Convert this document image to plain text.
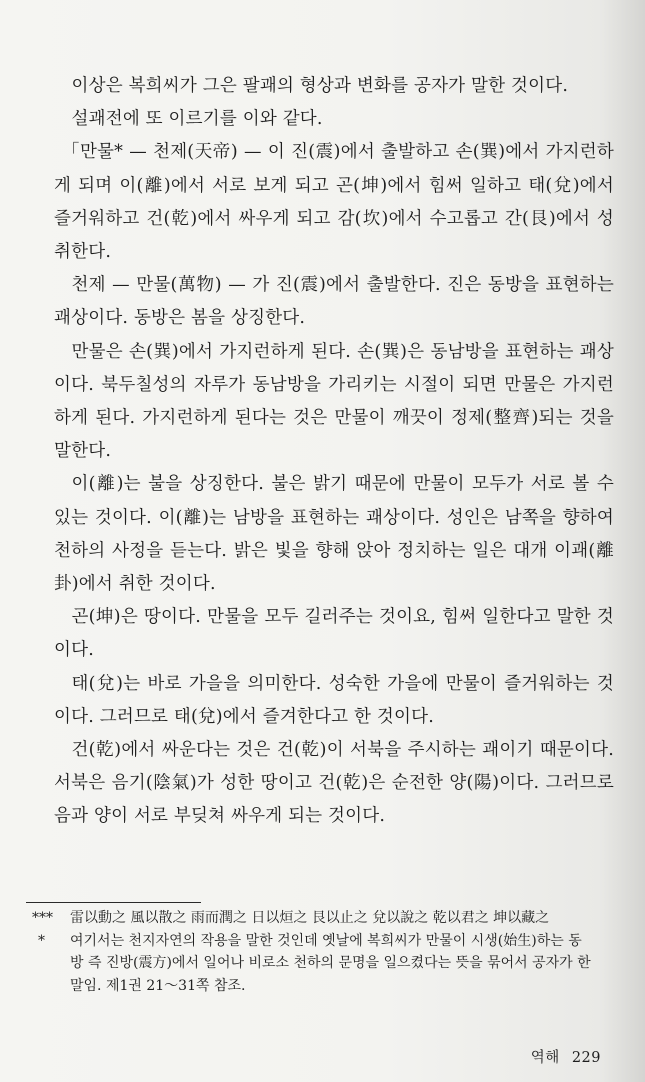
이상은 복희씨가 그은 팔괘의 형상과 변화를 공자가 말한 것이다.

설괘전에 또 이르기를 이와 같다.

「만물* — 천제(天帝) — 이 진(震)에서 출발하고 손(巽)에서 가지런하게 되며 이(離)에서 서로 보게 되고 곤(坤)에서 힘써 일하고 태(兌)에서 즐거워하고 건(乾)에서 싸우게 되고 감(坎)에서 수고롭고 간(艮)에서 성취한다.

천제 — 만물(萬物) — 가 진(震)에서 출발한다. 진은 동방을 표현하는 괘상이다. 동방은 봄을 상징한다.

만물은 손(巽)에서 가지런하게 된다. 손(巽)은 동남방을 표현하는 괘상이다. 북두칠성의 자루가 동남방을 가리키는 시절이 되면 만물은 가지런하게 된다. 가지런하게 된다는 것은 만물이 깨끗이 정제(整齊)되는 것을 말한다.

이(離)는 불을 상징한다. 불은 밝기 때문에 만물이 모두가 서로 볼 수 있는 것이다. 이(離)는 남방을 표현하는 괘상이다. 성인은 남쪽을 향하여 천하의 사정을 듣는다. 밝은 빛을 향해 앉아 정치하는 일은 대개 이괘(離卦)에서 취한 것이다.

곤(坤)은 땅이다. 만물을 모두 길러주는 것이요, 힘써 일한다고 말한 것이다.

태(兌)는 바로 가을을 의미한다. 성숙한 가을에 만물이 즐거워하는 것이다. 그러므로 태(兌)에서 즐겨한다고 한 것이다.

건(乾)에서 싸운다는 것은 건(乾)이 서북을 주시하는 괘이기 때문이다. 서북은 음기(陰氣)가 성한 땅이고 건(乾)은 순전한 양(陽)이다. 그러므로 음과 양이 서로 부딪쳐 싸우게 되는 것이다.

***	雷以動之 風以散之 雨而潤之 日以烜之 艮以止之 兌以說之 乾以君之 坤以藏之
*	여기서는 천지자연의 작용을 말한 것인데 옛날에 복희씨가 만물이 시생(始生)하는 동방 즉 진방(震方)에서 일어나 비로소 천하의 문명을 일으켰다는 뜻을 묶어서 공자가 한 말임. 제1권 21～31쪽 참조.
역해 229
